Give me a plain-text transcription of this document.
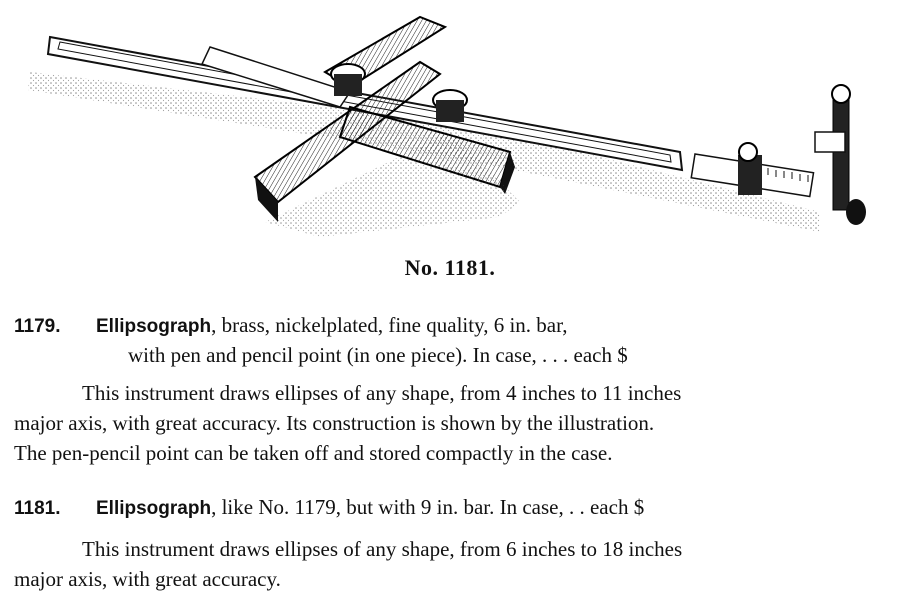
No. 1181.
1179. Ellipsograph, brass, nickelplated, fine quality, 6 in. bar,
with pen and pencil point (in one piece). In case, . . . each $
This instrument draws ellipses of any shape, from 4 inches to 11 inches
major axis, with great accuracy. Its construction is shown by the illustration.
The pen-pencil point can be taken off and stored compactly in the case.
1181. Ellipsograph, like No. 1179, but with 9 in. bar. In case, . . each $
This instrument draws ellipses of any shape, from 6 inches to 18 inches
major axis, with great accuracy.
